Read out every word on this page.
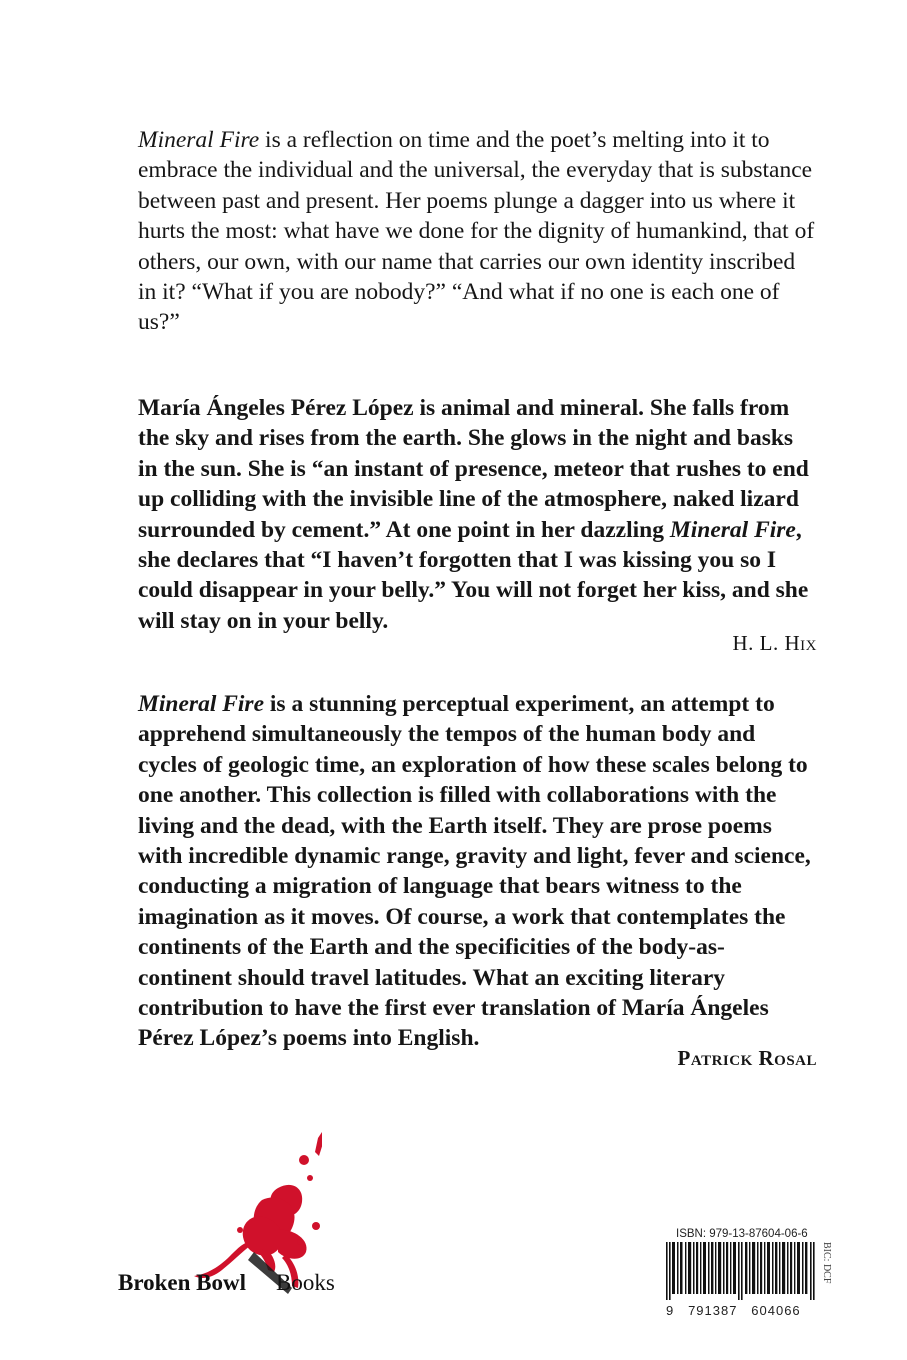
Mineral Fire is a reflection on time and the poet’s melting into it to embrace the individual and the universal, the everyday that is substance between past and present. Her poems plunge a dagger into us where it hurts the most: what have we done for the dignity of humankind, that of others, our own, with our name that carries our own identity inscribed in it? “What if you are nobody?” “And what if no one is each one of us?”

María Ángeles Pérez López is animal and mineral. She falls from the sky and rises from the earth. She glows in the night and basks in the sun. She is “an instant of presence, meteor that rushes to end up colliding with the invisible line of the atmosphere, naked lizard surrounded by cement.” At one point in her dazzling Mineral Fire, she declares that “I haven’t forgotten that I was kissing you so I could disappear in your belly.” You will not forget her kiss, and she will stay on in your belly.

H. L. Hix

Mineral Fire is a stunning perceptual experiment, an attempt to apprehend simultaneously the tempos of the human body and cycles of geologic time, an exploration of how these scales belong to one another. This collection is filled with collaborations with the living and the dead, with the Earth itself. They are prose poems with incredible dynamic range, gravity and light, fever and science, conducting a migration of language that bears witness to the imagination as it moves. Of course, a work that contemplates the continents of the Earth and the specificities of the body-as-continent should travel latitudes. What an exciting literary contribution to have the first ever translation of María Ángeles Pérez López’s poems into English.

Patrick Rosal

Broken Bowl Books
ISBN: 979-13-87604-06-6
9   791387   604066
BIC: DCF
